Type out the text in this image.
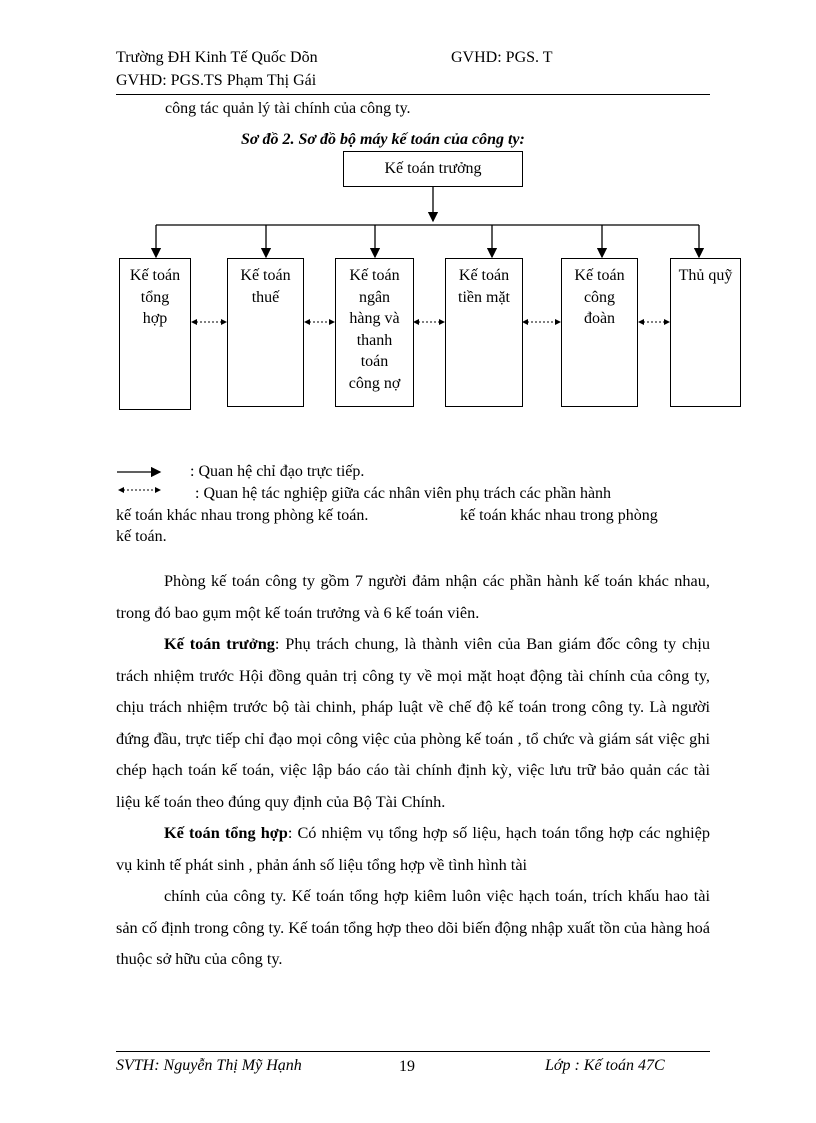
Trường ĐH Kinh Tế Quốc Dõn	GVHD: PGS. T
GVHD: PGS.TS Phạm Thị Gái
công tác quản lý tài chính của công ty.
Sơ đồ 2. Sơ đồ bộ máy kế toán của công ty:
Kế toán trưởng
Kế toán
tổng
hợp
Kế toán
thuế
Kế toán
ngân
hàng và
thanh
toán
công nợ
Kế toán
tiền mặt
Kế toán
công
đoàn
Thủ quỹ
: Quan hệ chỉ đạo trực tiếp.
: Quan hệ tác nghiệp giữa các nhân viên phụ trách các phần hành
kế toán khác nhau trong phòng kế toán.	kế toán khác nhau trong phòng
kế toán.

Phòng kế toán công ty gồm 7 người đảm nhận các phần hành kế toán khác nhau, trong đó bao gụm một kế toán trưởng và 6 kế toán viên.

Kế toán trưởng: Phụ trách chung, là thành viên của Ban giám đốc công ty chịu trách nhiệm trước Hội đồng quản trị công ty về mọi mặt hoạt động tài chính của công ty, chịu trách nhiệm trước bộ tài chinh, pháp luật về chế độ kế toán trong công ty. Là người đứng đầu, trực tiếp chỉ đạo mọi công việc của phòng kế toán , tổ chức và giám sát việc ghi chép hạch toán kế toán, việc lập báo cáo tài chính định kỳ, việc lưu trữ bảo quản các tài liệu kế toán theo đúng quy định của Bộ Tài Chính.

Kế toán tổng hợp: Có nhiệm vụ tổng hợp số liệu, hạch toán tổng hợp các nghiệp vụ kinh tế phát sinh , phản ánh số liệu tổng hợp về tình hình tài

chính của công ty. Kế toán tổng hợp kiêm luôn việc hạch toán, trích khấu hao tài sản cố định trong công ty. Kế toán tổng hợp theo dõi biến động nhập xuất tồn của hàng hoá thuộc sở hữu của công ty.

SVTH: Nguyễn Thị Mỹ Hạnh	19	Lớp : Kế toán 47C
